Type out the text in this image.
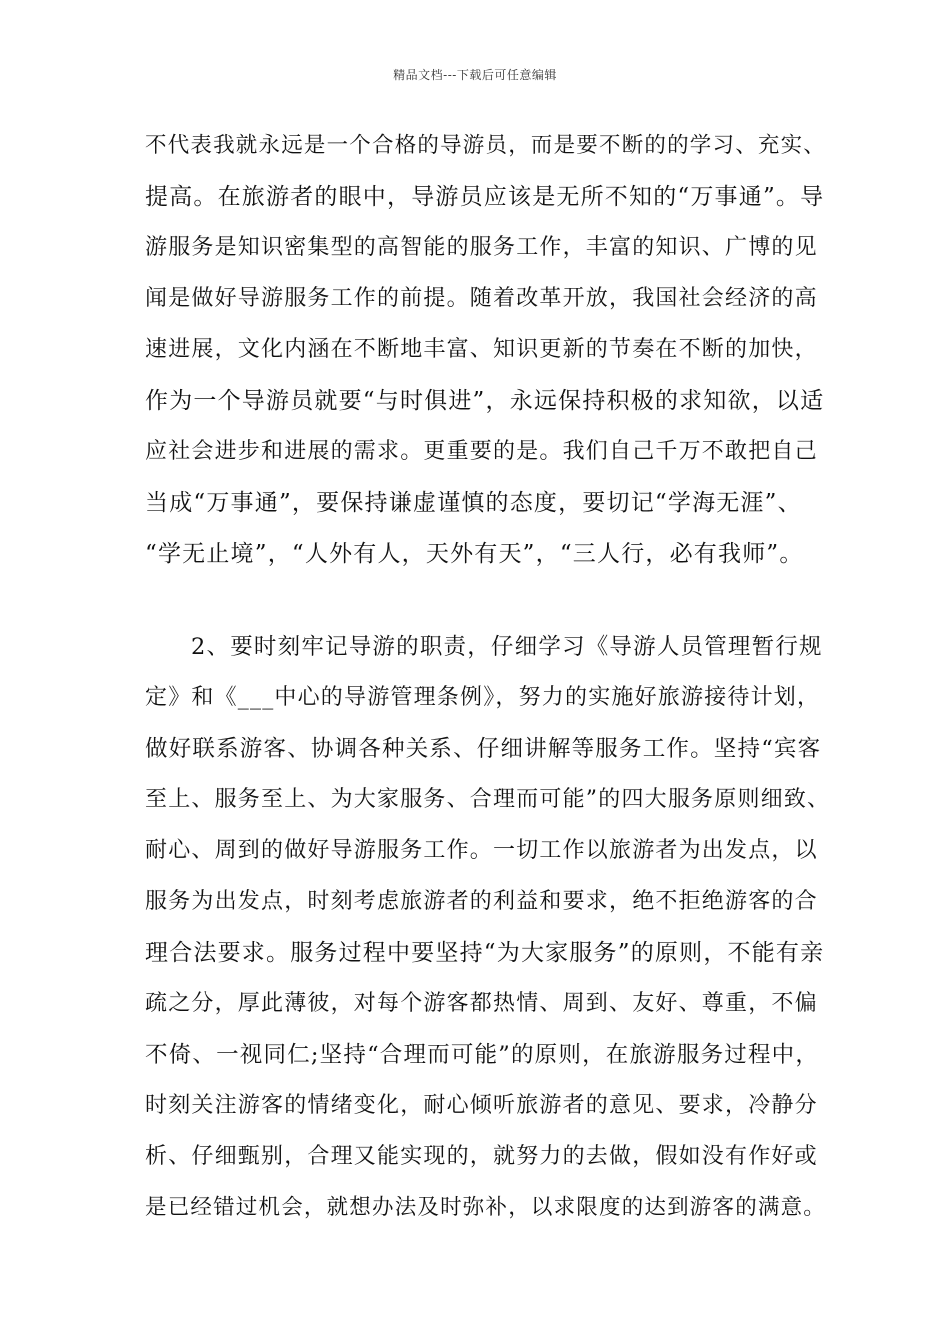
精品文档---下载后可任意编辑
不代表我就永远是一个合格的导游员，而是要不断的的学习、充实、
提高。在旅游者的眼中，导游员应该是无所不知的“万事通”。导
游服务是知识密集型的高智能的服务工作，丰富的知识、广博的见
闻是做好导游服务工作的前提。随着改革开放，我国社会经济的高
速进展，文化内涵在不断地丰富、知识更新的节奏在不断的加快，
作为一个导游员就要“与时俱进”，永远保持积极的求知欲，以适
应社会进步和进展的需求。更重要的是。我们自己千万不敢把自己
当成“万事通”，要保持谦虚谨慎的态度，要切记“学海无涯”、
“学无止境”，“人外有人，天外有天”，“三人行，必有我师”。
2、要时刻牢记导游的职责，仔细学习《导游人员管理暂行规
定》和《___中心的导游管理条例》，努力的实施好旅游接待计划，
做好联系游客、协调各种关系、仔细讲解等服务工作。坚持“宾客
至上、服务至上、为大家服务、合理而可能”的四大服务原则细致、
耐心、周到的做好导游服务工作。一切工作以旅游者为出发点，以
服务为出发点，时刻考虑旅游者的利益和要求，绝不拒绝游客的合
理合法要求。服务过程中要坚持“为大家服务”的原则，不能有亲
疏之分，厚此薄彼，对每个游客都热情、周到、友好、尊重，不偏
不倚、一视同仁;坚持“合理而可能”的原则，在旅游服务过程中，
时刻关注游客的情绪变化，耐心倾听旅游者的意见、要求，冷静分
析、仔细甄别，合理又能实现的，就努力的去做，假如没有作好或
是已经错过机会，就想办法及时弥补，以求限度的达到游客的满意。
